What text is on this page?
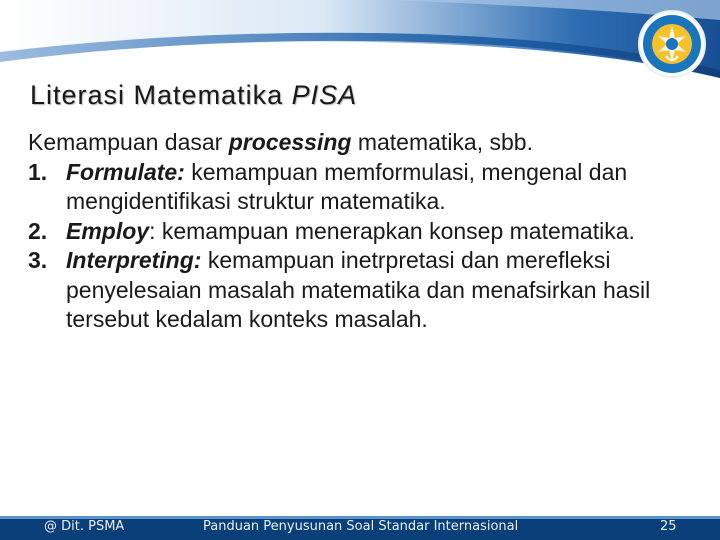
Literasi Matematika PISA
Kemampuan dasar processing matematika, sbb.
1. Formulate: kemampuan memformulasi, mengenal dan mengidentifikasi struktur matematika.
2. Employ: kemampuan menerapkan konsep matematika.
3. Interpreting: kemampuan inetrpretasi dan merefleksi penyelesaian masalah matematika dan menafsirkan hasil tersebut kedalam konteks masalah.
@ Dit. PSMA	Panduan Penyusunan Soal Standar Internasional	25
